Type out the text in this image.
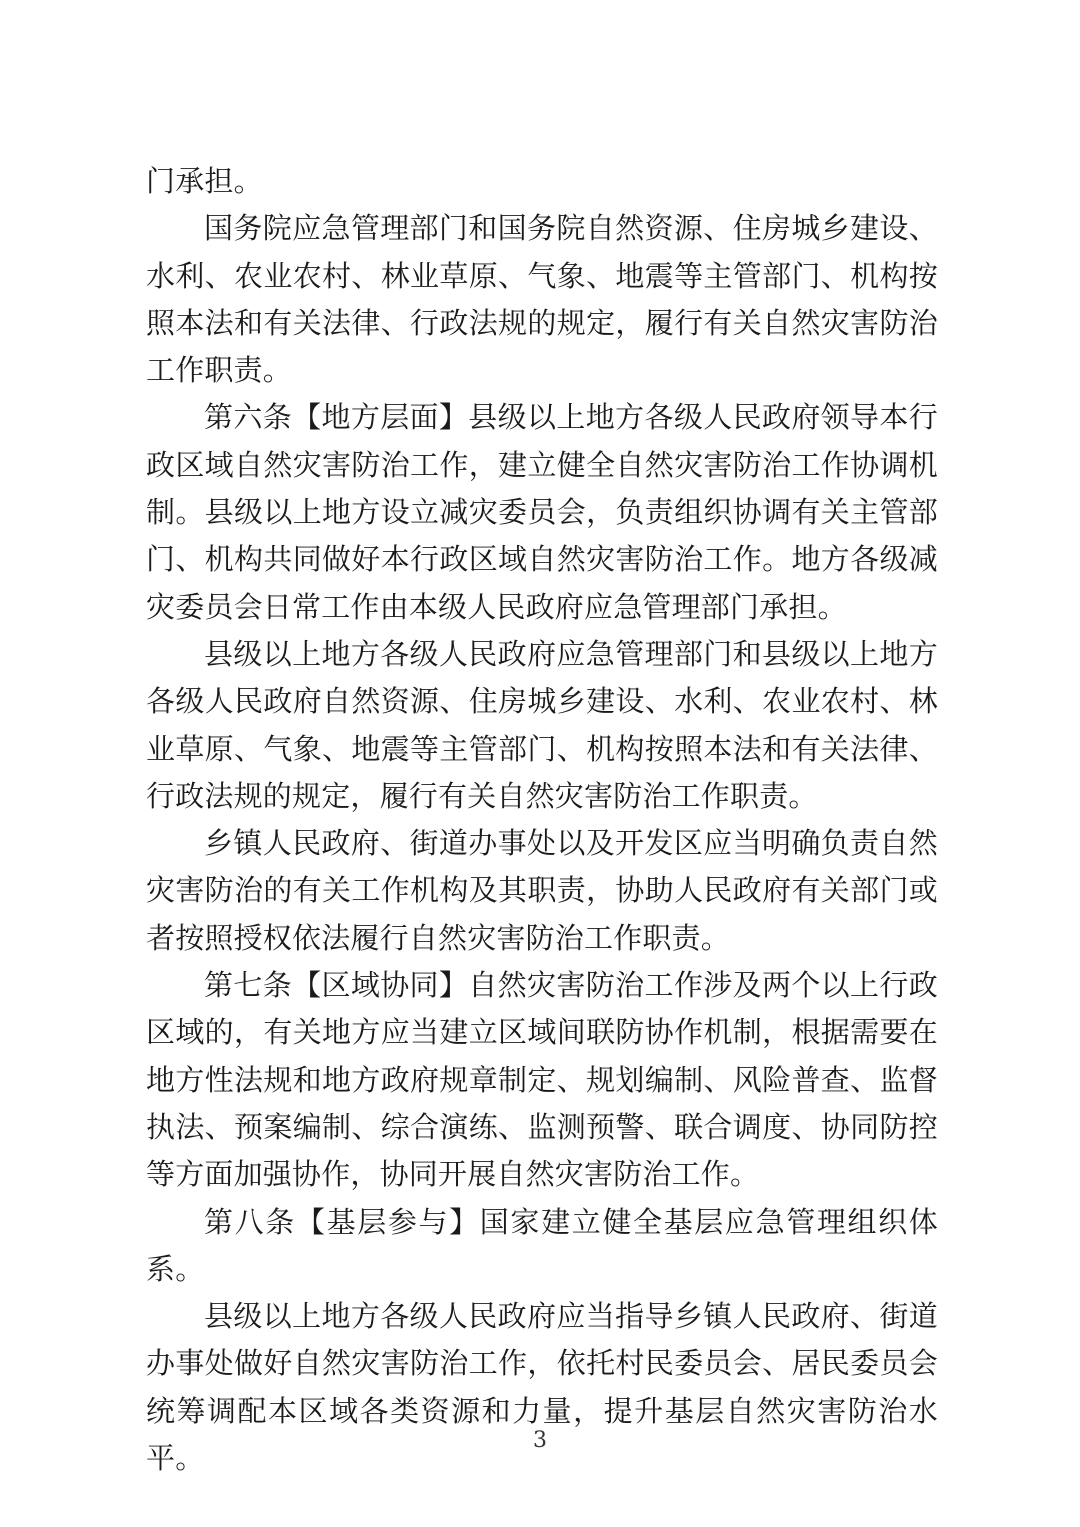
门承担。

国务院应急管理部门和国务院自然资源、住房城乡建设、水利、农业农村、林业草原、气象、地震等主管部门、机构按照本法和有关法律、行政法规的规定，履行有关自然灾害防治工作职责。

第六条【地方层面】县级以上地方各级人民政府领导本行政区域自然灾害防治工作，建立健全自然灾害防治工作协调机制。县级以上地方设立减灾委员会，负责组织协调有关主管部门、机构共同做好本行政区域自然灾害防治工作。地方各级减灾委员会日常工作由本级人民政府应急管理部门承担。

县级以上地方各级人民政府应急管理部门和县级以上地方各级人民政府自然资源、住房城乡建设、水利、农业农村、林业草原、气象、地震等主管部门、机构按照本法和有关法律、行政法规的规定，履行有关自然灾害防治工作职责。

乡镇人民政府、街道办事处以及开发区应当明确负责自然灾害防治的有关工作机构及其职责，协助人民政府有关部门或者按照授权依法履行自然灾害防治工作职责。

第七条【区域协同】自然灾害防治工作涉及两个以上行政区域的，有关地方应当建立区域间联防协作机制，根据需要在地方性法规和地方政府规章制定、规划编制、风险普查、监督执法、预案编制、综合演练、监测预警、联合调度、协同防控等方面加强协作，协同开展自然灾害防治工作。

第八条【基层参与】国家建立健全基层应急管理组织体系。

县级以上地方各级人民政府应当指导乡镇人民政府、街道办事处做好自然灾害防治工作，依托村民委员会、居民委员会统筹调配本区域各类资源和力量，提升基层自然灾害防治水平。

3
